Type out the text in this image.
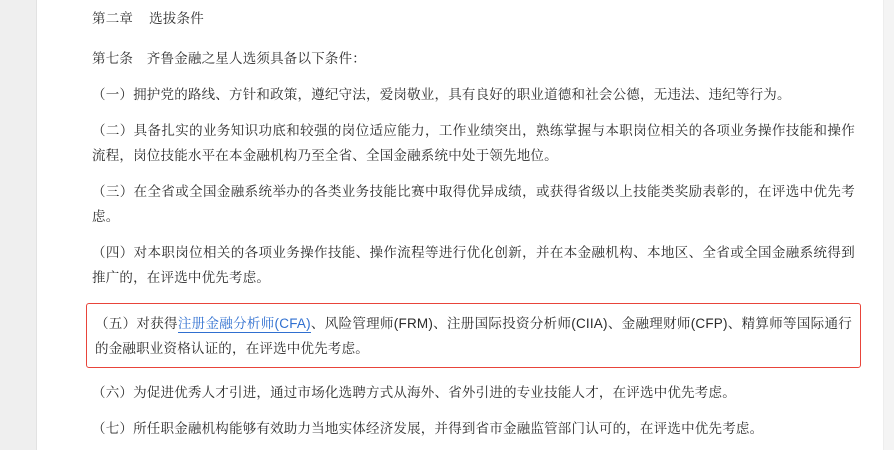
第二章 选拔条件

第七条　齐鲁金融之星人选须具备以下条件：

（一）拥护党的路线、方针和政策，遵纪守法，爱岗敬业，具有良好的职业道德和社会公德，无违法、违纪等行为。

（二）具备扎实的业务知识功底和较强的岗位适应能力，工作业绩突出，熟练掌握与本职岗位相关的各项业务操作技能和操作流程，岗位技能水平在本金融机构乃至全省、全国金融系统中处于领先地位。

（三）在全省或全国金融系统举办的各类业务技能比赛中取得优异成绩，或获得省级以上技能类奖励表彰的，在评选中优先考虑。

（四）对本职岗位相关的各项业务操作技能、操作流程等进行优化创新，并在本金融机构、本地区、全省或全国金融系统得到推广的，在评选中优先考虑。

（五）对获得注册金融分析师(CFA)、风险管理师(FRM)、注册国际投资分析师(CIIA)、金融理财师(CFP)、精算师等国际通行的金融职业资格认证的，在评选中优先考虑。

（六）为促进优秀人才引进，通过市场化选聘方式从海外、省外引进的专业技能人才，在评选中优先考虑。

（七）所任职金融机构能够有效助力当地实体经济发展，并得到省市金融监管部门认可的，在评选中优先考虑。
